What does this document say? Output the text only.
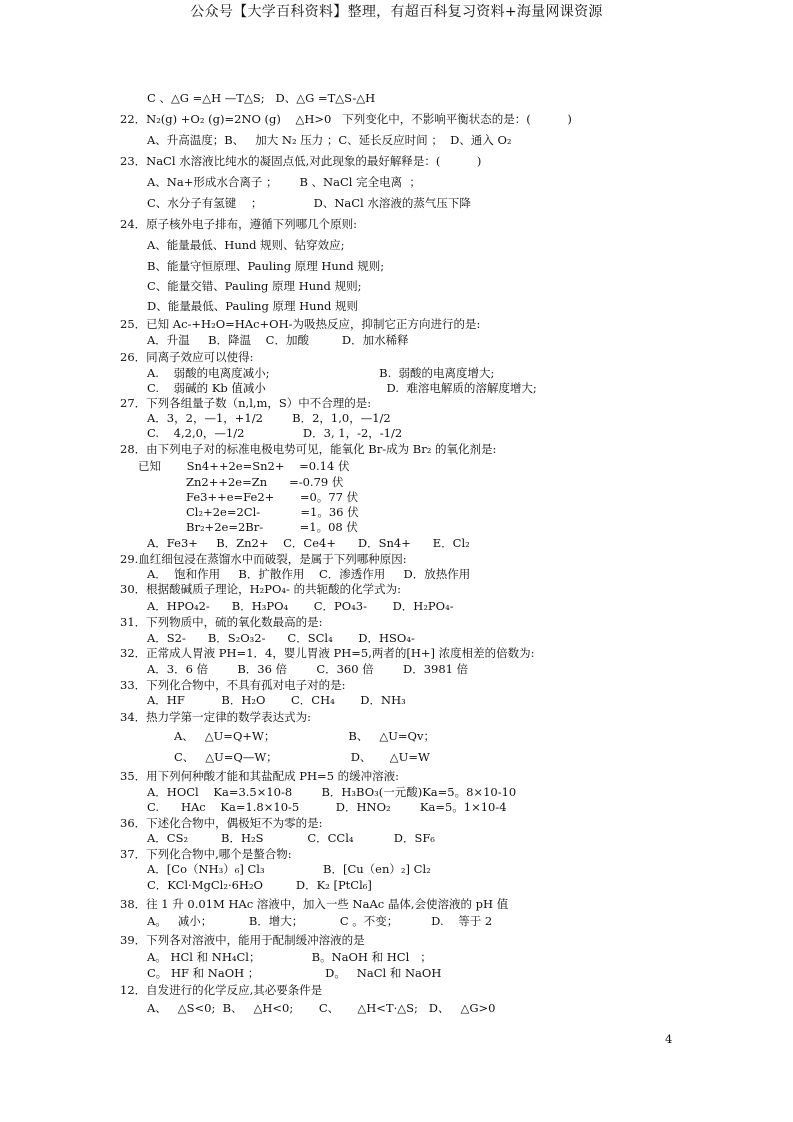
公众号【大学百科资料】整理，有超百科复习资料+海量网课资源
C 、△G =△H —T△S;   D、△G =T△S-△H
22．N₂(g) +O₂ (g)=2NO (g)    △H>0   下列变化中，不影响平衡状态的是：(          )
A、升高温度；B、   加大 N₂ 压力 ；C、延长反应时间 ；  D、通入 O₂
23．NaCl 水溶液比纯水的凝固点低,对此现象的最好解释是：(          )
A、Na+形成水合离子 ；      B 、NaCl 完全电离  ；
C、水分子有氢键    ；              D、NaCl 水溶液的蒸气压下降
24．原子核外电子排布，遵循下列哪几个原则:
A、能量最低、Hund 规则、钻穿效应;
B、能量守恒原理、Pauling 原理 Hund 规则;
C、能量交错、Pauling 原理 Hund 规则;
D、能量最低、Pauling 原理 Hund 规则
25．已知 Ac-+H₂O=HAc+OH-为吸热反应，抑制它正方向进行的是:
A．升温     B．降温    C．加酸         D．加水稀释
26．同离子效应可以使得:
A.    弱酸的电离度减小;                              B.  弱酸的电离度增大;
C.    弱碱的 Kb 值减小                                 D.  难溶电解质的溶解度增大;
27．下列各组量子数（n,l,m，S）中不合理的是:
A．3，2，—1，+1/2        B．2，1,0，—1/2
C.    4,2,0，—1/2                D．3, 1，-2，-1/2
28．由下列电子对的标准电极电势可见，能氧化 Br-成为 Br₂ 的氧化剂是:
已知       Sn4++2e=Sn2+    =0.14 伏
Zn2++2e=Zn      =-0.79 伏
Fe3++e=Fe2+       =0。77 伏
Cl₂+2e=2Cl-           =1。36 伏
Br₂+2e=2Br-          =1。08 伏
A．Fe3+     B．Zn2+    C．Ce4+      D．Sn4+      E．Cl₂
29.血红细包浸在蒸馏水中而破裂，是属于下列哪种原因:
A．  饱和作用     B．扩散作用    C．渗透作用     D．放热作用
30．根据酸碱质子理论，H₂PO₄- 的共轭酸的化学式为:
A．HPO₄2-      B．H₃PO₄       C．PO₄3-       D．H₂PO₄-
31．下列物质中，硫的氧化数最高的是:
A．S2-      B．S₂O₃2-      C．SCl₄       D．HSO₄-
32．正常成人胃液 PH=1．4，婴儿胃液 PH=5,两者的[H+] 浓度相差的倍数为:
A．3．6 倍        B．36 倍        C．360 倍        D．3981 倍
33．下列化合物中，不具有孤对电子对的是:
A．HF          B．H₂O       C．CH₄       D．NH₃
34．热力学第一定律的数学表达式为:
A、   △U=Q+W；                    B、   △U=Qv；
C、   △U=Q—W；                    D、     △U=W
35．用下列何种酸才能和其盐配成 PH=5 的缓冲溶液:
A．HOCl    Ka=3.5×10-8        B．H₃BO₃(一元酸)Ka=5。8×10-10
C.      HAc    Ka=1.8×10-5          D．HNO₂        Ka=5。1×10-4
36．下述化合物中，偶极矩不为零的是:
A．CS₂         B．H₂S            C．CCl₄           D．SF₆
37．下列化合物中,哪个是螯合物:
A．[Co（NH₃）₆] Cl₃                B．[Cu（en）₂] Cl₂
C．KCl·MgCl₂·6H₂O         D．K₂ [PtCl₆]
38．往 1 升 0.01M HAc 溶液中，加入一些 NaAc 晶体,会使溶液的 pH 值
A。   减小；          B．增大；          C 。不变；         D.    等于 2
39．下列各对溶液中，能用于配制缓冲溶液的是
A。 HCl 和 NH₄Cl；              B。NaOH 和 HCl   ；
C。 HF 和 NaOH ；                  D。   NaCl 和 NaOH
12．自发进行的化学反应,其必要条件是
A、   △S<0;  B、   △H<0;       C、     △H<T·△S;   D、   △G>0
4
